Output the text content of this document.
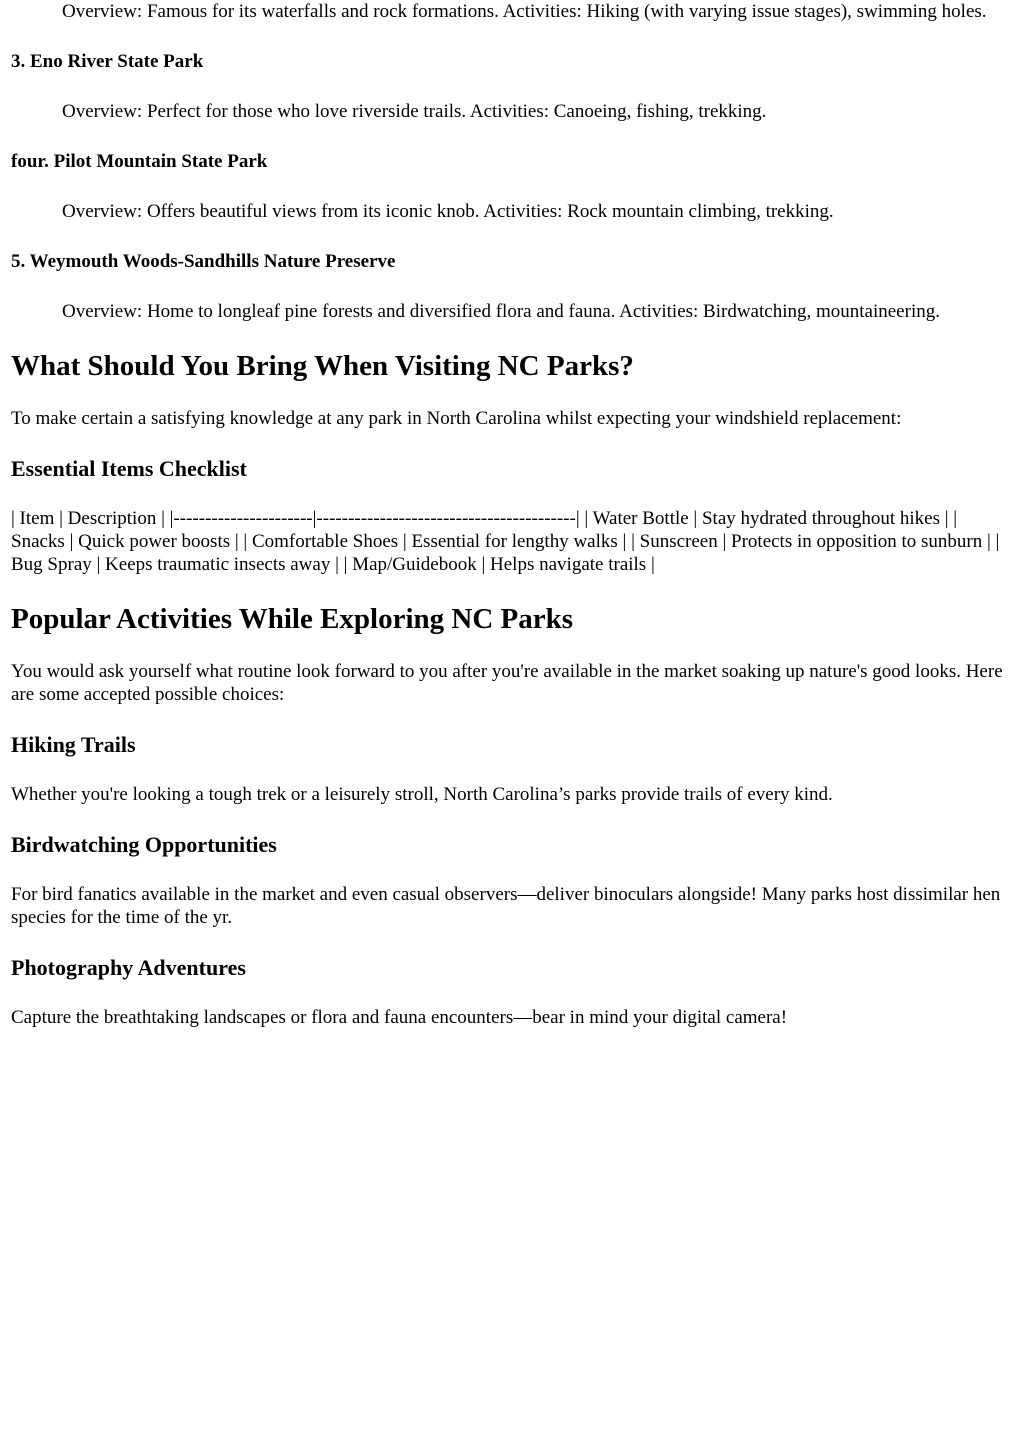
Overview: Famous for its waterfalls and rock formations. Activities: Hiking (with varying issue stages), swimming holes.

3. Eno River State Park

Overview: Perfect for those who love riverside trails. Activities: Canoeing, fishing, trekking.

four. Pilot Mountain State Park

Overview: Offers beautiful views from its iconic knob. Activities: Rock mountain climbing, trekking.

5. Weymouth Woods-Sandhills Nature Preserve

Overview: Home to longleaf pine forests and diversified flora and fauna. Activities: Birdwatching, mountaineering.

What Should You Bring When Visiting NC Parks?

To make certain a satisfying knowledge at any park in North Carolina whilst expecting your windshield replacement:

Essential Items Checklist

| Item | Description | |----------------------|-----------------------------------------| | Water Bottle | Stay hydrated throughout hikes | | Snacks | Quick power boosts | | Comfortable Shoes | Essential for lengthy walks | | Sunscreen | Protects in opposition to sunburn | | Bug Spray | Keeps traumatic insects away | | Map/Guidebook | Helps navigate trails |

Popular Activities While Exploring NC Parks

You would ask yourself what routine look forward to you after you're available in the market soaking up nature's good looks. Here are some accepted possible choices:

Hiking Trails

Whether you're looking a tough trek or a leisurely stroll, North Carolina’s parks provide trails of every kind.

Birdwatching Opportunities

For bird fanatics available in the market and even casual observers—deliver binoculars alongside! Many parks host dissimilar hen species for the time of the yr.

Photography Adventures

Capture the breathtaking landscapes or flora and fauna encounters—bear in mind your digital camera!
